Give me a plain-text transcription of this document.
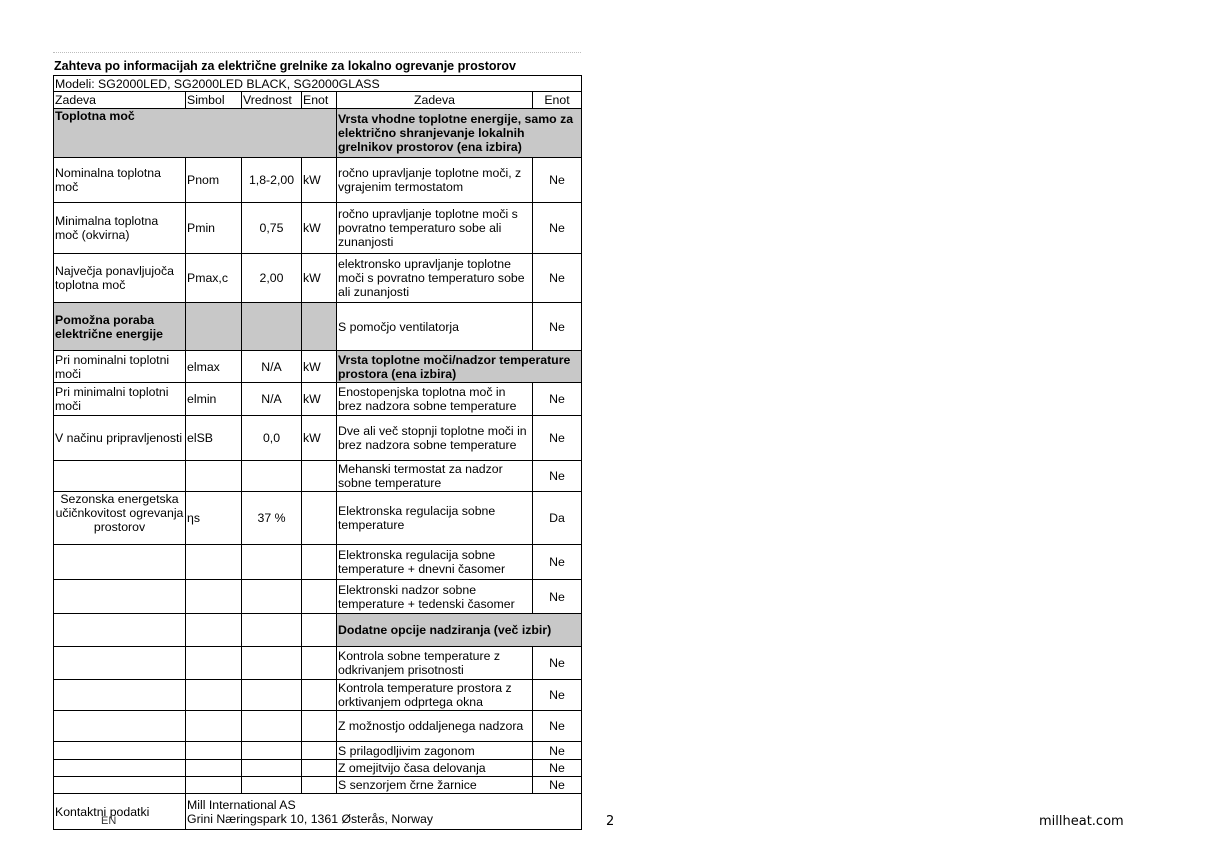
Zahteva po informacijah za električne grelnike za lokalno ogrevanje prostorov
Modeli: SG2000LED, SG2000LED BLACK, SG2000GLASS					
Zadeva	Simbol	Vrednost	Enot	Zadeva	Enot
Toplotna moč				Vrsta vhodne toplotne energije, samo za električno shranjevanje lokalnih grelnikov prostorov (ena izbira)	
Nominalna toplotna moč	Pnom	1,8-2,00	kW	ročno upravljanje toplotne moči, z vgrajenim termostatom	Ne
Minimalna toplotna moč (okvirna)	Pmin	0,75	kW	ročno upravljanje toplotne moči s povratno temperaturo sobe ali zunanjosti	Ne
Največja ponavljujoča toplotna moč	Pmax,c	2,00	kW	elektronsko upravljanje toplotne moči s povratno temperaturo sobe ali zunanjosti	Ne
Pomožna poraba električne energije				S pomočjo ventilatorja	Ne
Pri nominalni toplotni moči	elmax	N/A	kW	Vrsta toplotne moči/nadzor temperature prostora (ena izbira)	
Pri minimalni toplotni moči	elmin	N/A	kW	Enostopenjska toplotna moč in brez nadzora sobne temperature	Ne
V načinu pripravljenosti	elSB	0,0	kW	Dve ali več stopnji toplotne moči in brez nadzora sobne temperature	Ne
				Mehanski termostat za nadzor sobne temperature	Ne
Sezonska energetska učičnkovitost ogrevanja prostorov	ηs	37 %		Elektronska regulacija sobne temperature	Da
				Elektronska regulacija sobne temperature + dnevni časomer	Ne
				Elektronski nadzor sobne temperature + tedenski časomer	Ne
				Dodatne opcije nadziranja (več izbir)	
				Kontrola sobne temperature z odkrivanjem prisotnosti	Ne
				Kontrola temperature prostora z orktivanjem odprtega okna	Ne
				Z možnostjo oddaljenega nadzora	Ne
				S prilagodljivim zagonom	Ne
				Z omejitvijo časa delovanja	Ne
				S senzorjem črne žarnice	Ne
Kontaktni podatki	Mill International AS
Grini Næringspark 10, 1361 Østerås, Norway				
EN	2	millheat.com
